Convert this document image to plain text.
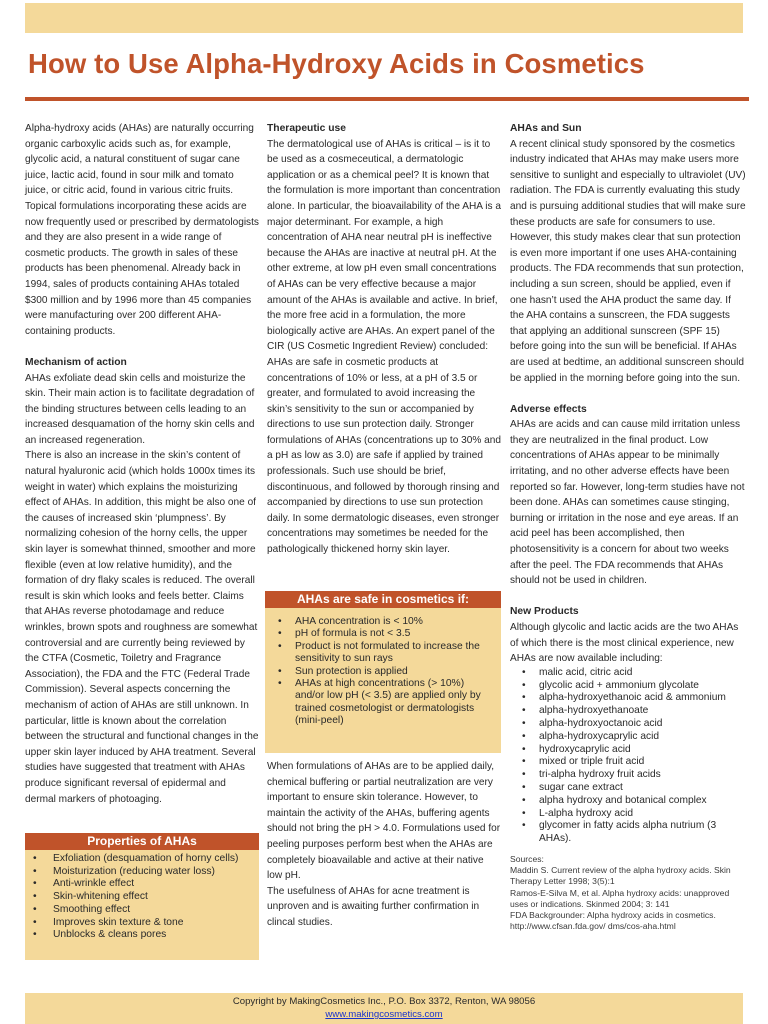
How to Use Alpha-Hydroxy Acids in Cosmetics

Alpha-hydroxy acids (AHAs) are naturally occurring organic carboxylic acids such as, for example, glycolic acid, a natural constituent of sugar cane juice, lactic acid, found in sour milk and tomato juice, or citric acid, found in various citric fruits. Topical formulations incorporating these acids are now frequently used or prescribed by dermatologists and they are also present in a wide range of cosmetic products. The growth in sales of these products has been phenomenal. Already back in 1994, sales of products containing AHAs totaled $300 million and by 1996 more than 45 companies were manufacturing over 200 different AHA-containing products.

Mechanism of action

AHAs exfoliate dead skin cells and moisturize the skin. Their main action is to facilitate degradation of the binding structures between cells leading to an increased desquamation of the horny skin cells and an increased regeneration.

There is also an increase in the skin’s content of natural hyaluronic acid (which holds 1000x times its weight in water) which explains the moisturizing effect of AHAs. In addition, this might be also one of the causes of increased skin ‘plumpness’. By normalizing cohesion of the horny cells, the upper skin layer is somewhat thinned, smoother and more flexible (even at low relative humidity), and the formation of dry flaky scales is reduced. The overall result is skin which looks and feels better. Claims that AHAs reverse photodamage and reduce wrinkles, brown spots and roughness are somewhat controversial and are currently being reviewed by the CTFA (Cosmetic, Toiletry and Fragrance Association), the FDA and the FTC (Federal Trade Commission). Several aspects concerning the mechanism of action of AHAs are still unknown. In particular, little is known about the correlation between the structural and functional changes in the upper skin layer induced by AHA treatment. Several studies have suggested that treatment with AHAs produce significant reversal of epidermal and dermal markers of photoaging.

Properties of AHAs
• Exfoliation (desquamation of horny cells)
• Moisturization (reducing water loss)
• Anti-wrinkle effect
• Skin-whitening effect
• Smoothing effect
• Improves skin texture & tone
• Unblocks & cleans pores
Therapeutic use

The dermatological use of AHAs is critical – is it to be used as a cosmeceutical, a dermatologic application or as a chemical peel? It is known that the formulation is more important than concentration alone. In particular, the bioavailability of the AHA is a major determinant. For example, a high concentration of AHA near neutral pH is ineffective because the AHAs are inactive at neutral pH. At the other extreme, at low pH even small concentrations of AHAs can be very effective because a major amount of the AHAs is available and active. In brief, the more free acid in a formulation, the more biologically active are AHAs. An expert panel of the CIR (US Cosmetic Ingredient Review) concluded:

AHAs are safe in cosmetic products at concentrations of 10% or less, at a pH of 3.5 or greater, and formulated to avoid increasing the skin’s sensitivity to the sun or accompanied by directions to use sun protection daily. Stronger formulations of AHAs (concentrations up to 30% and a pH as low as 3.0) are safe if applied by trained professionals. Such use should be brief, discontinuous, and followed by thorough rinsing and accompanied by directions to use sun protection daily. In some dermatologic diseases, even stronger concentrations may sometimes be needed for the pathologically thickened horny skin layer.

AHAs are safe in cosmetics if:
• AHA concentration is < 10%
• pH of formula is not < 3.5
• Product is not formulated to increase the sensitivity to sun rays
• Sun protection is applied
• AHAs at high concentrations (> 10%) and/or low pH (< 3.5) are applied only by trained cosmetologist or dermatologists (mini-peel)

When formulations of AHAs are to be applied daily, chemical buffering or partial neutralization are very important to ensure skin tolerance. However, to maintain the activity of the AHAs, buffering agents should not bring the pH > 4.0. Formulations used for peeling purposes perform best when the AHAs are completely bioavailable and active at their native low pH.

The usefulness of AHAs for acne treatment is unproven and is awaiting further confirmation in clincal studies.

AHAs and Sun

A recent clinical study sponsored by the cosmetics industry indicated that AHAs may make users more sensitive to sunlight and especially to ultraviolet (UV) radiation. The FDA is currently evaluating this study and is pursuing additional studies that will make sure these products are safe for consumers to use. However, this study makes clear that sun protection is even more important if one uses AHA-containing products. The FDA recommends that sun protection, including a sun screen, should be applied, even if one hasn’t used the AHA product the same day. If the AHA contains a sunscreen, the FDA suggests that applying an additional sunscreen (SPF 15) before going into the sun will be beneficial. If AHAs are used at bedtime, an additional sunscreen should be applied in the morning before going into the sun.

Adverse effects

AHAs are acids and can cause mild irritation unless they are neutralized in the final product. Low concentrations of AHAs appear to be minimally irritating, and no other adverse effects have been reported so far. However, long-term studies have not been done. AHAs can sometimes cause stinging, burning or irritation in the nose and eye areas. If an acid peel has been accomplished, then photosensitivity is a concern for about two weeks after the peel. The FDA recommends that AHAs should not be used in children.

New Products

Although glycolic and lactic acids are the two AHAs of which there is the most clinical experience, new AHAs are now available including:

• malic acid, citric acid
• glycolic acid + ammonium glycolate
• alpha-hydroxyethanoic acid & ammonium
• alpha-hydroxyethanoate
• alpha-hydroxyoctanoic acid
• alpha-hydroxycaprylic acid
• hydroxycaprylic acid
• mixed or triple fruit acid
• tri-alpha hydroxy fruit acids
• sugar cane extract
• alpha hydroxy and botanical complex
• L-alpha hydroxy acid
• glycomer in fatty acids alpha nutrium (3 AHAs).

Sources:

Maddin S. Current review of the alpha hydroxy acids. Skin Therapy Letter 1998; 3(5):1

Ramos-E-Silva M, et al. Alpha hydroxy acids: unapproved uses or indications. Skinmed 2004; 3: 141

FDA Backgrounder: Alpha hydroxy acids in cosmetics. http://www.cfsan.fda.gov/ dms/cos-aha.html

Copyright by MakingCosmetics Inc., P.O. Box 3372, Renton, WA 98056
www.makingcosmetics.com
